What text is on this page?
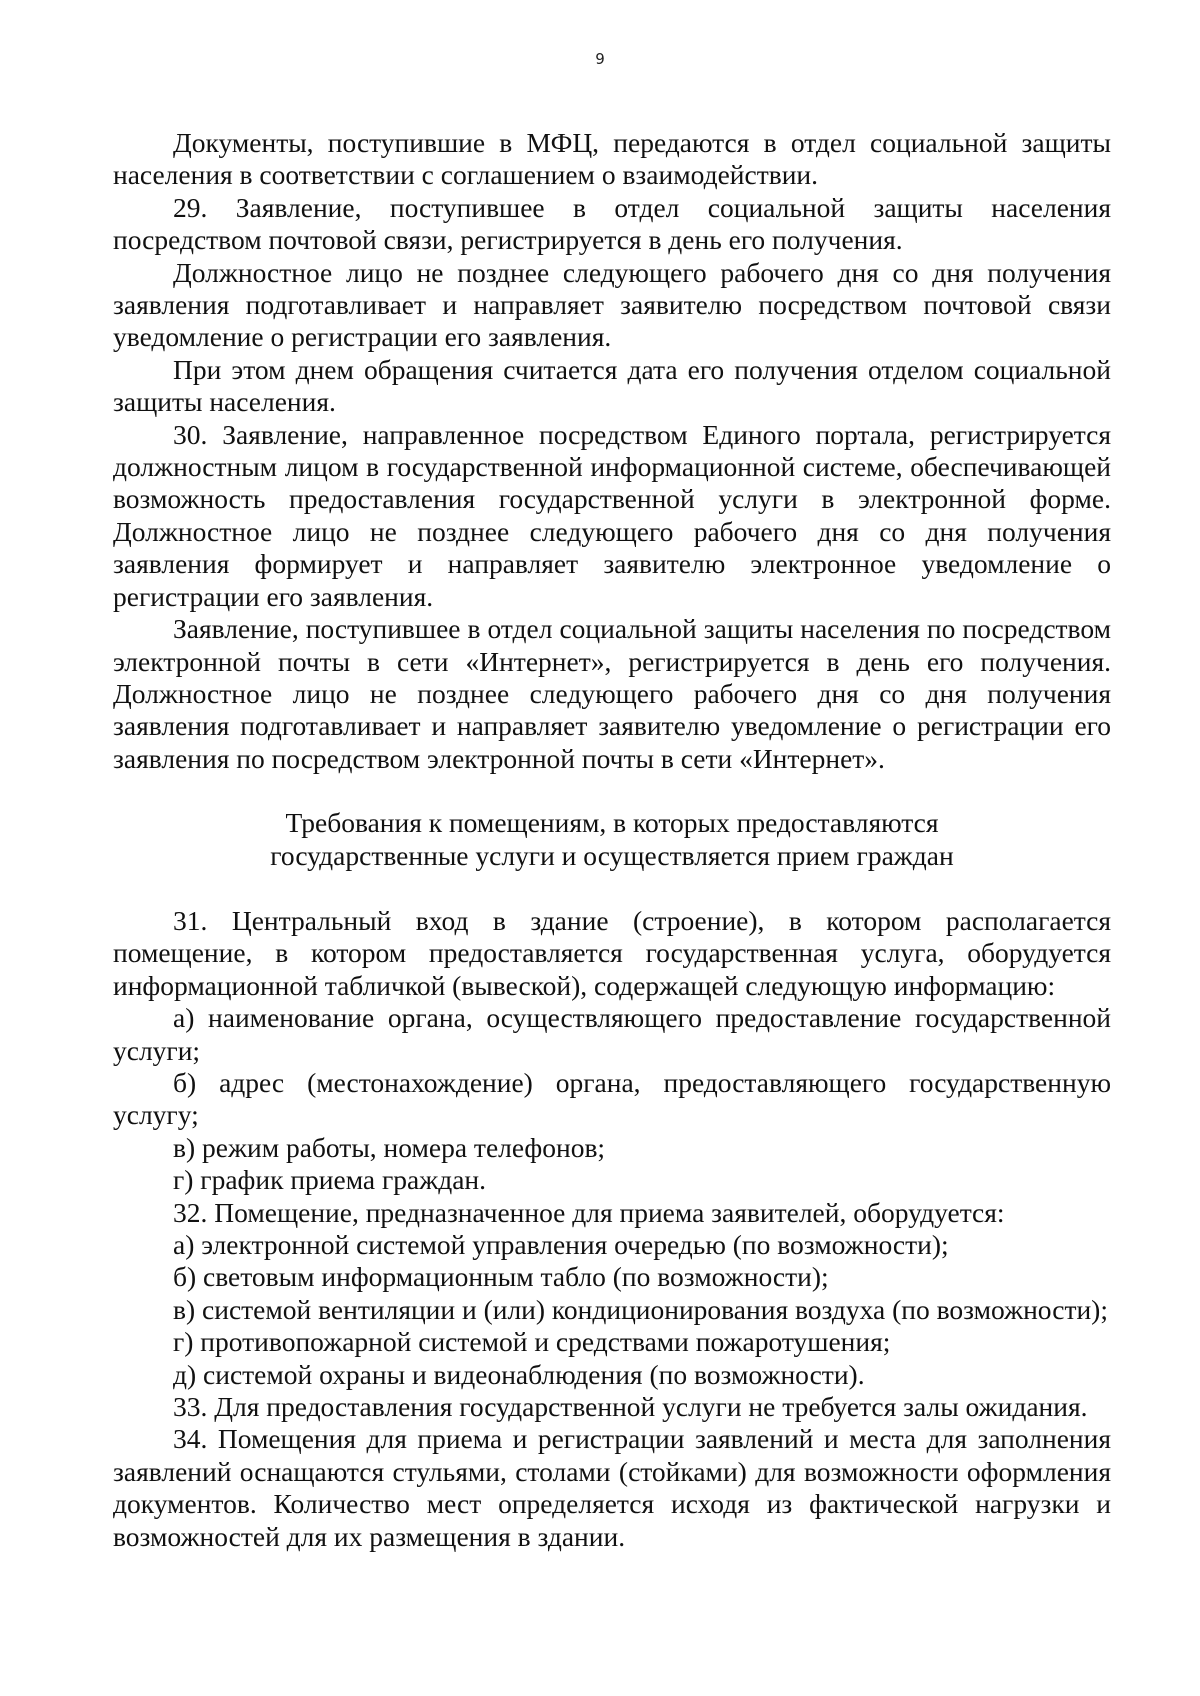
9

Документы, поступившие в МФЦ, передаются в отдел социальной защиты населения в соответствии с соглашением о взаимодействии.

29. Заявление, поступившее в отдел социальной защиты населения посредством почтовой связи, регистрируется в день его получения.

Должностное лицо не позднее следующего рабочего дня со дня получения заявления подготавливает и направляет заявителю посредством почтовой связи уведомление о регистрации его заявления.

При этом днем обращения считается дата его получения отделом социальной защиты населения.

30. Заявление, направленное посредством Единого портала, регистрируется должностным лицом в государственной информационной системе, обеспечивающей возможность предоставления государственной услуги в электронной форме. Должностное лицо не позднее следующего рабочего дня со дня получения заявления формирует и направляет заявителю электронное уведомление о регистрации его заявления.

Заявление, поступившее в отдел социальной защиты населения по посредством электронной почты в сети «Интернет», регистрируется в день его получения. Должностное лицо не позднее следующего рабочего дня со дня получения заявления подготавливает и направляет заявителю уведомление о регистрации его заявления по посредством электронной почты в сети «Интернет».

Требования к помещениям, в которых предоставляются
государственные услуги и осуществляется прием граждан

31. Центральный вход в здание (строение), в котором располагается помещение, в котором предоставляется государственная услуга, оборудуется информационной табличкой (вывеской), содержащей следующую информацию:

а) наименование органа, осуществляющего предоставление государственной услуги;

б) адрес (местонахождение) органа, предоставляющего государственную услугу;

в) режим работы, номера телефонов;

г) график приема граждан.

32. Помещение, предназначенное для приема заявителей, оборудуется:

а) электронной системой управления очередью (по возможности);

б) световым информационным табло (по возможности);

в) системой вентиляции и (или) кондиционирования воздуха (по возможности);

г) противопожарной системой и средствами пожаротушения;

д) системой охраны и видеонаблюдения (по возможности).

33. Для предоставления государственной услуги не требуется залы ожидания.

34. Помещения для приема и регистрации заявлений и места для заполнения заявлений оснащаются стульями, столами (стойками) для возможности оформления документов. Количество мест определяется исходя из фактической нагрузки и возможностей для их размещения в здании.
